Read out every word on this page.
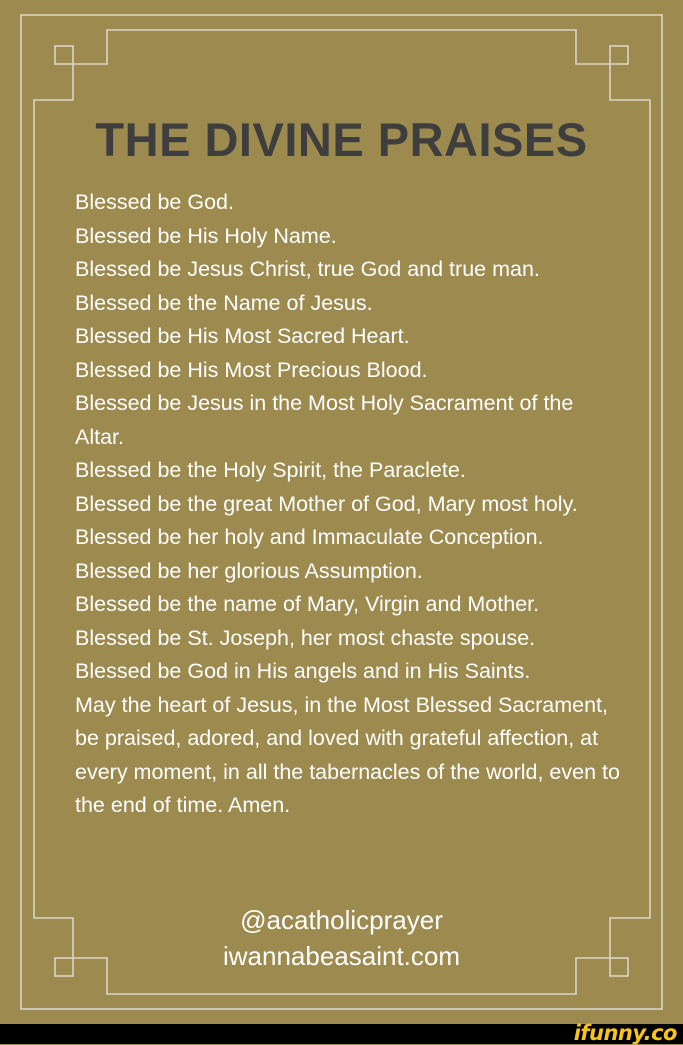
THE DIVINE PRAISES
Blessed be God.
Blessed be His Holy Name.
Blessed be Jesus Christ, true God and true man.
Blessed be the Name of Jesus.
Blessed be His Most Sacred Heart.
Blessed be His Most Precious Blood.
Blessed be Jesus in the Most Holy Sacrament of the Altar.
Blessed be the Holy Spirit, the Paraclete.
Blessed be the great Mother of God, Mary most holy.
Blessed be her holy and Immaculate Conception.
Blessed be her glorious Assumption.
Blessed be the name of Mary, Virgin and Mother.
Blessed be St. Joseph, her most chaste spouse.
Blessed be God in His angels and in His Saints.
May the heart of Jesus, in the Most Blessed Sacrament, be praised, adored, and loved with grateful affection, at every moment, in all the tabernacles of the world, even to the end of time. Amen.
@acatholicprayer
iwannabeasaint.com
ifunny.co
